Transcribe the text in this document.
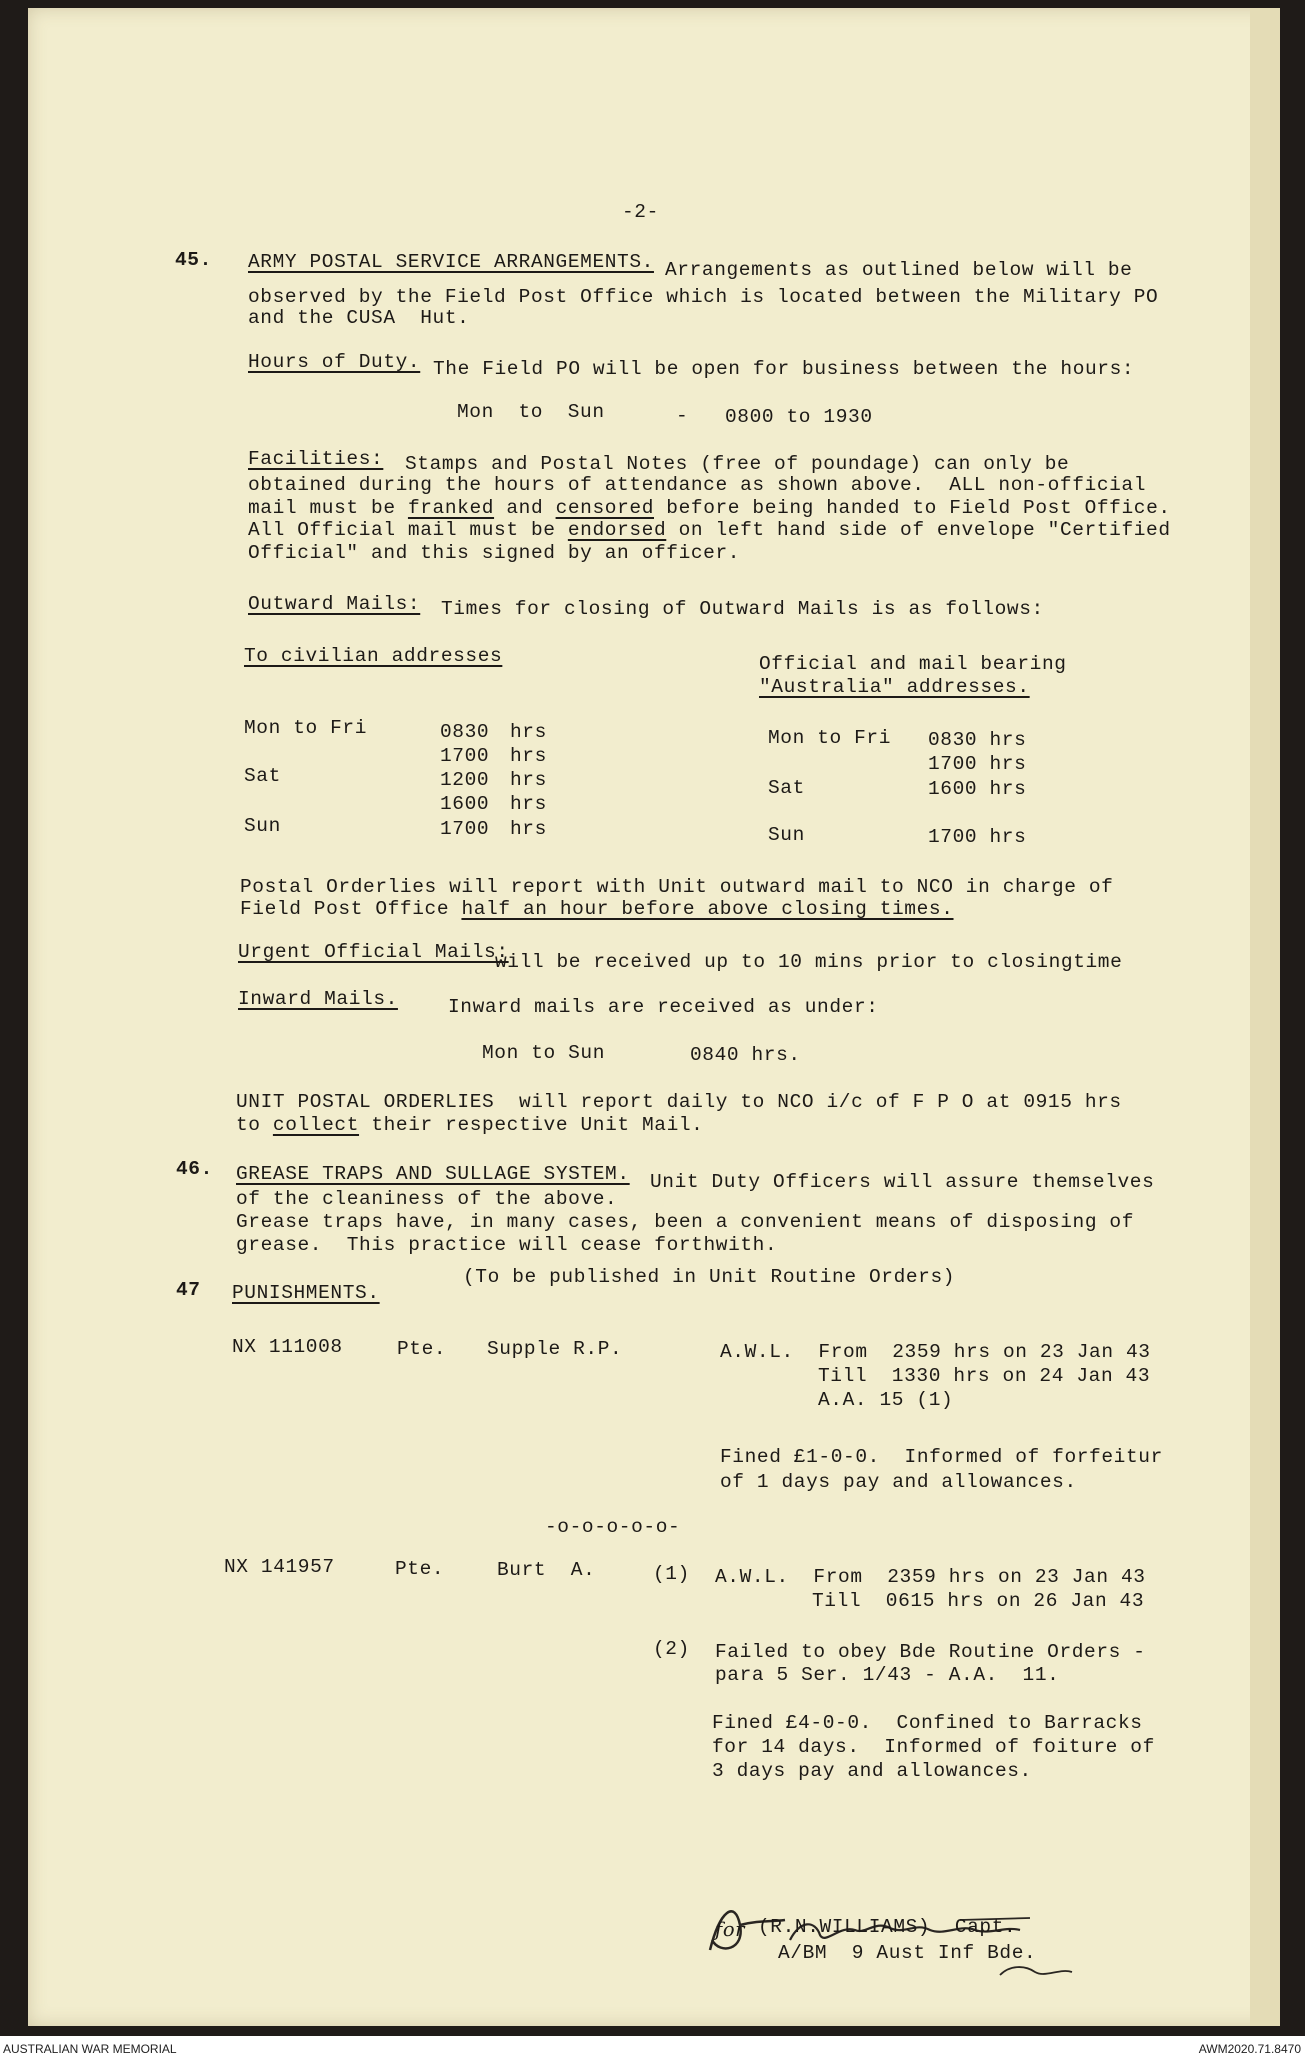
-2-
45. ARMY POSTAL SERVICE ARRANGEMENTS. Arrangements as outlined below will be
observed by the Field Post Office which is located between the Military PO
and the CUSA  Hut.
Hours of Duty. The Field PO will be open for business between the hours:
Mon  to  Sun	- 0800 to 1930
Facilities: Stamps and Postal Notes (free of poundage) can only be
obtained during the hours of attendance as shown above.  ALL non-official
mail must be franked and censored before being handed to Field Post Office.
All Official mail must be endorsed on left hand side of envelope "Certified
Official" and this signed by an officer.
Outward Mails: Times for closing of Outward Mails is as follows:
To civilian addresses	Official and mail bearing
"Australia" addresses.
Mon to Fri	0830 hrs
1700 hrs
Sat	1200 hrs
1600 hrs
Sun	1700 hrs
Mon to Fri 0830 hrs
1700 hrs
Sat	1600 hrs
Sun	1700 hrs
Postal Orderlies will report with Unit outward mail to NCO in charge of
Field Post Office half an hour before above closing times.
Urgent Official Mails:
will be received up to 10 mins prior to closingtime
Inward Mails.	Inward mails are received as under:
Mon to Sun	0840 hrs.
UNIT POSTAL ORDERLIES  will report daily to NCO i/c of F P O at 0915 hrs
to collect their respective Unit Mail.
46. GREASE TRAPS AND SULLAGE SYSTEM. Unit Duty Officers will assure themselves
of the cleaniness of the above.
Grease traps have, in many cases, been a convenient means of disposing of
grease.  This practice will cease forthwith.
(To be published in Unit Routine Orders)
47 PUNISHMENTS.
NX 111008	Pte. Supple R.P.	A.W.L.  From  2359 hrs on 23 Jan 43
Till  1330 hrs on 24 Jan 43
A.A. 15 (1)
Fined £1-0-0.  Informed of forfeitur
of 1 days pay and allowances.
-o-o-o-o-o-
NX 141957	Pte.	Burt  A.	(1) A.W.L.  From  2359 hrs on 23 Jan 43
Till  0615 hrs on 26 Jan 43
(2) Failed to obey Bde Routine Orders -
para 5 Ser. 1/43 - A.A.  11.
Fined £4-0-0.  Confined to Barracks
for 14 days.  Informed of foiture of
3 days pay and allowances.
for (R.N.WILLIAMS)  Capt.
A/BM  9 Aust Inf Bde.
AUSTRALIAN WAR MEMORIAL	AWM2020.71.8470
